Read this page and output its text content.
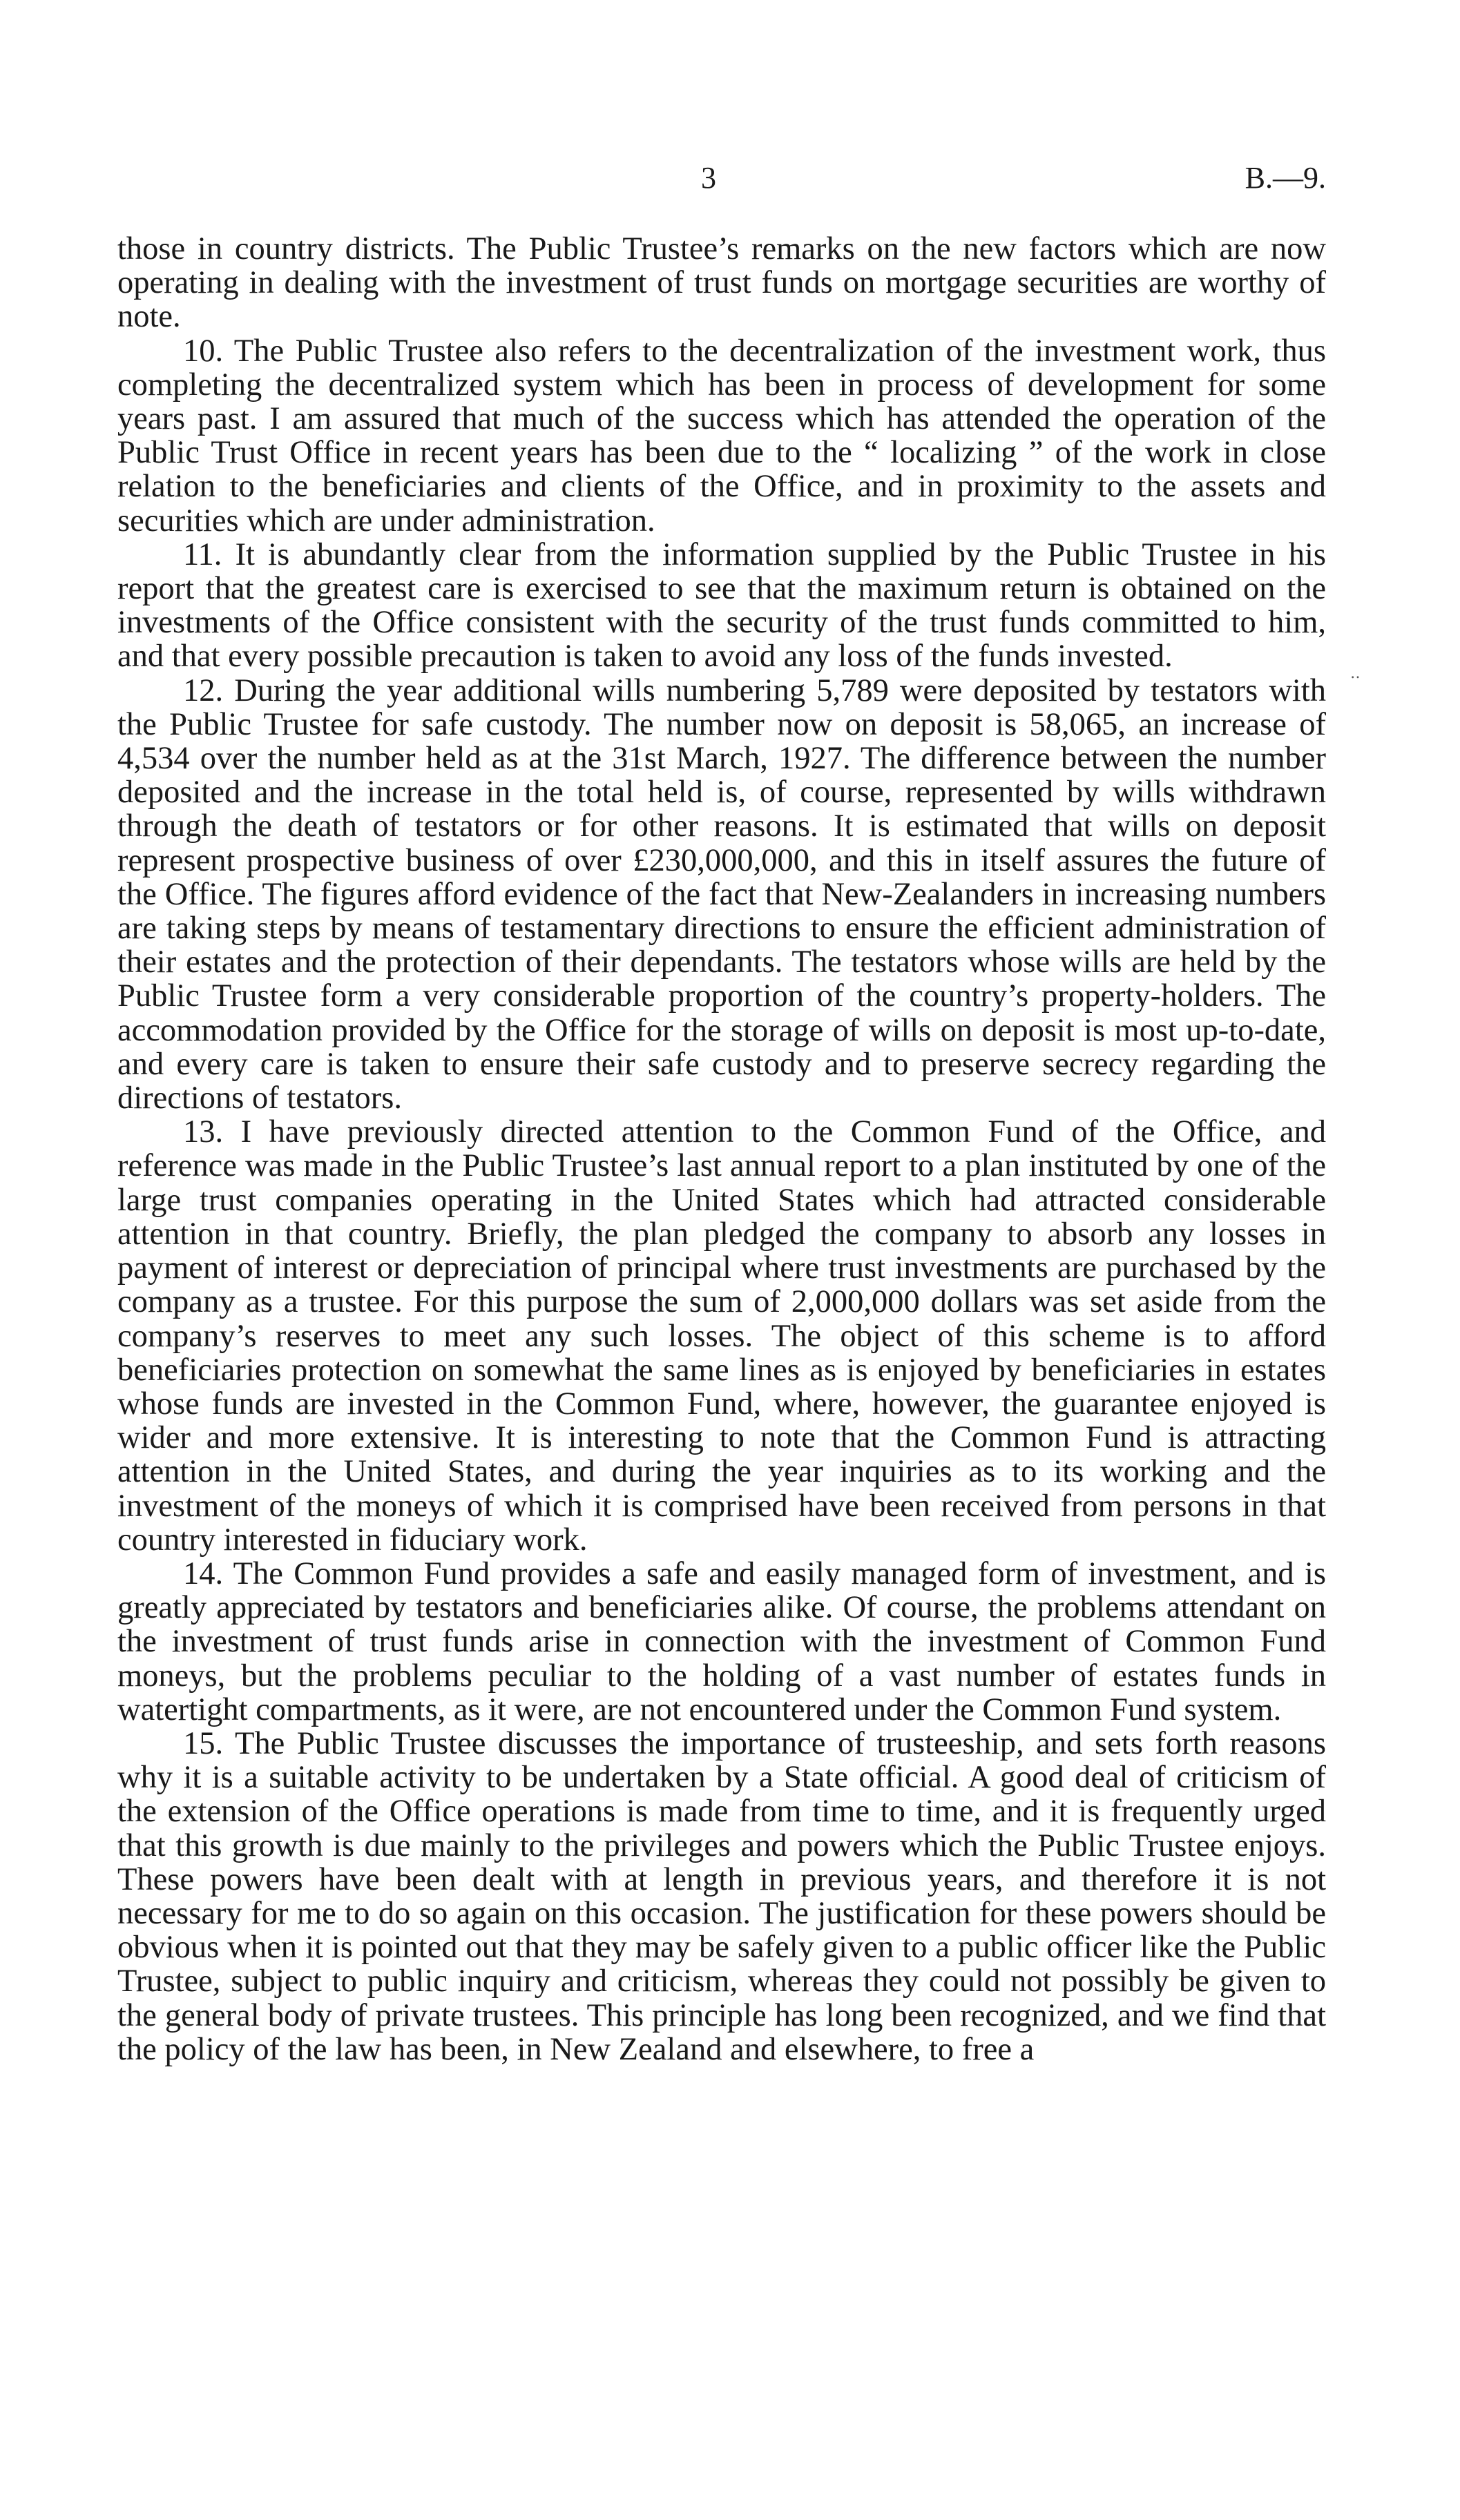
3	B.—9.
‥

those in country districts. The Public Trustee’s remarks on the new factors which are now operating in dealing with the investment of trust funds on mortgage securities are worthy of note.

10. The Public Trustee also refers to the decentralization of the investment work, thus completing the decentralized system which has been in process of development for some years past. I am assured that much of the success which has attended the operation of the Public Trust Office in recent years has been due to the “ localizing ” of the work in close relation to the beneficiaries and clients of the Office, and in proximity to the assets and securities which are under administration.

11. It is abundantly clear from the information supplied by the Public Trustee in his report that the greatest care is exercised to see that the maximum return is obtained on the investments of the Office consistent with the security of the trust funds committed to him, and that every possible precaution is taken to avoid any loss of the funds invested.

12. During the year additional wills numbering 5,789 were deposited by testators with the Public Trustee for safe custody. The number now on deposit is 58,065, an increase of 4,534 over the number held as at the 31st March, 1927. The difference between the number deposited and the increase in the total held is, of course, represented by wills withdrawn through the death of testators or for other reasons. It is estimated that wills on deposit represent prospective business of over £230,000,000, and this in itself assures the future of the Office. The figures afford evidence of the fact that New-Zealanders in increasing numbers are taking steps by means of testamentary directions to ensure the efficient administration of their estates and the protection of their dependants. The testators whose wills are held by the Public Trustee form a very considerable proportion of the country’s property-holders. The accommodation provided by the Office for the storage of wills on deposit is most up-to-date, and every care is taken to ensure their safe custody and to preserve secrecy regarding the directions of testators.

13. I have previously directed attention to the Common Fund of the Office, and reference was made in the Public Trustee’s last annual report to a plan instituted by one of the large trust companies operating in the United States which had attracted considerable attention in that country. Briefly, the plan pledged the company to absorb any losses in payment of interest or depreciation of principal where trust investments are purchased by the company as a trustee. For this purpose the sum of 2,000,000 dollars was set aside from the company’s reserves to meet any such losses. The object of this scheme is to afford beneficiaries protection on somewhat the same lines as is enjoyed by beneficiaries in estates whose funds are invested in the Common Fund, where, however, the guarantee enjoyed is wider and more extensive. It is interesting to note that the Common Fund is attracting attention in the United States, and during the year inquiries as to its working and the investment of the moneys of which it is comprised have been received from persons in that country interested in fiduciary work.

14. The Common Fund provides a safe and easily managed form of investment, and is greatly appreciated by testators and beneficiaries alike. Of course, the problems attendant on the investment of trust funds arise in connection with the investment of Common Fund moneys, but the problems peculiar to the holding of a vast number of estates funds in watertight compartments, as it were, are not encountered under the Common Fund system.

15. The Public Trustee discusses the importance of trusteeship, and sets forth reasons why it is a suitable activity to be undertaken by a State official. A good deal of criticism of the extension of the Office operations is made from time to time, and it is frequently urged that this growth is due mainly to the privileges and powers which the Public Trustee enjoys. These powers have been dealt with at length in previous years, and therefore it is not necessary for me to do so again on this occasion. The justification for these powers should be obvious when it is pointed out that they may be safely given to a public officer like the Public Trustee, subject to public inquiry and criticism, whereas they could not possibly be given to the general body of private trustees. This principle has long been recognized, and we find that the policy of the law has been, in New Zealand and elsewhere, to free a
